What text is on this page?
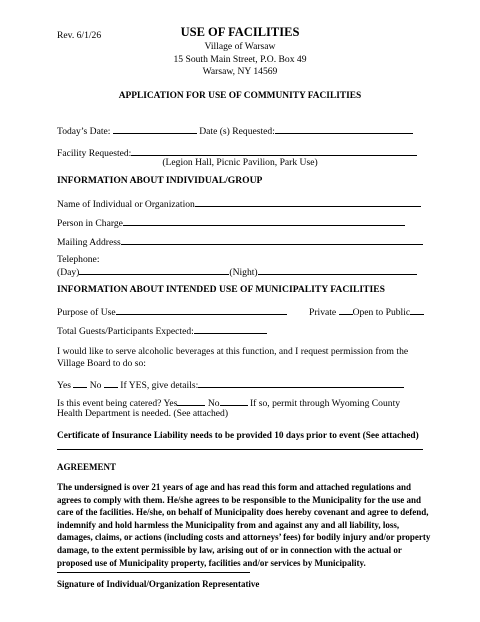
Rev. 6/1/26	USE OF FACILITIES
Village of Warsaw
15 South Main Street, P.O. Box 49
Warsaw, NY 14569
APPLICATION FOR USE OF COMMUNITY FACILITIES
Today’s Date:	Date (s) Requested:
Facility Requested:
(Legion Hall, Picnic Pavilion, Park Use)
INFORMATION ABOUT INDIVIDUAL/GROUP
Name of Individual or Organization
Person in Charge
Mailing Address
Telephone:
(Day)	(Night)
INFORMATION ABOUT INTENDED USE OF MUNICIPALITY FACILITIES
Purpose of Use	Private Open to Public
Total Guests/Participants Expected:
I would like to serve alcoholic beverages at this function, and I request permission from the Village Board to do so:
Yes  No  If YES, give details:
Is this event being catered? Yes	No	If so, permit through Wyoming County
Health Department is needed. (See attached)
Certificate of Insurance Liability needs to be provided 10 days prior to event (See attached)
AGREEMENT
The undersigned is over 21 years of age and has read this form and attached regulations and agrees to comply with them. He/she agrees to be responsible to the Municipality for the use and care of the facilities. He/she, on behalf of Municipality does hereby covenant and agree to defend, indemnify and hold harmless the Municipality from and against any and all liability, loss, damages, claims, or actions (including costs and attorneys’ fees) for bodily injury and/or property damage, to the extent permissible by law, arising out of or in connection with the actual or proposed use of Municipality property, facilities and/or services by Municipality.
Signature of Individual/Organization Representative
